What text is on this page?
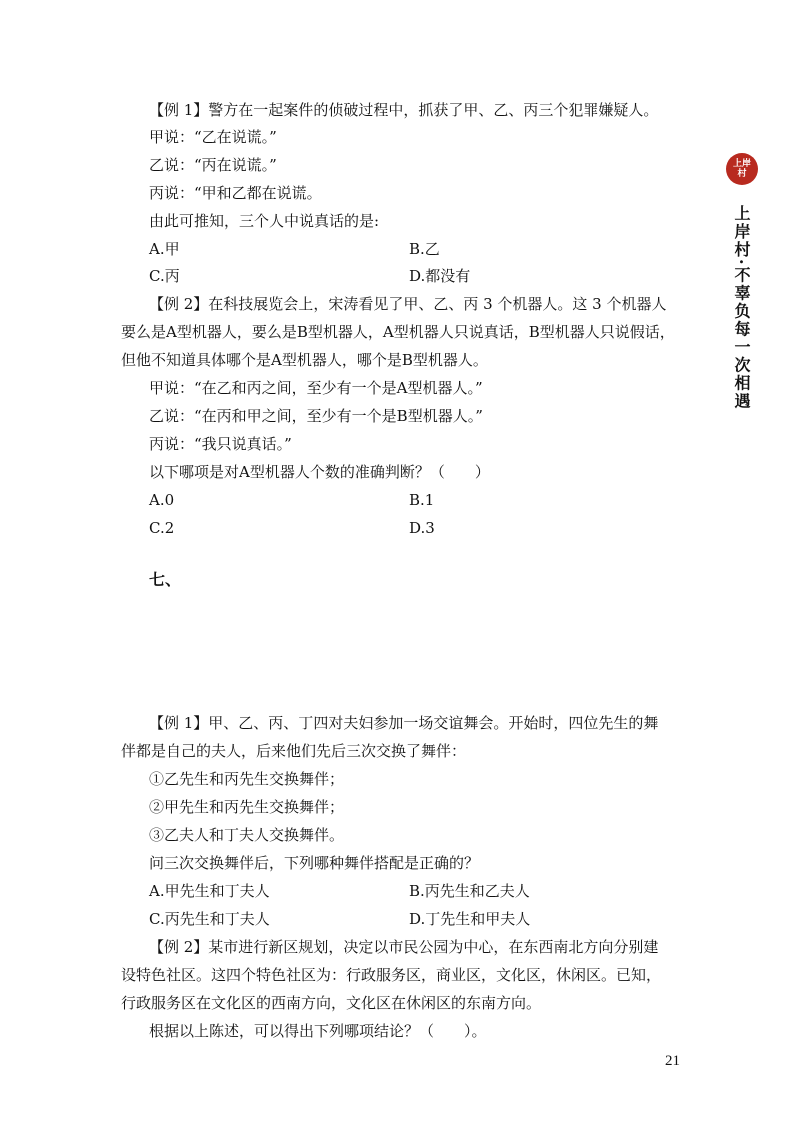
【例 1】警方在一起案件的侦破过程中，抓获了甲、乙、丙三个犯罪嫌疑人。
甲说：“乙在说谎。”
乙说：“丙在说谎。”
丙说：“甲和乙都在说谎。
由此可推知，三个人中说真话的是:
A.甲	B.乙
C.丙	D.都没有
【例 2】在科技展览会上，宋涛看见了甲、乙、丙 3 个机器人。这 3 个机器人
要么是A型机器人，要么是B型机器人，A型机器人只说真话，B型机器人只说假话，
但他不知道具体哪个是A型机器人，哪个是B型机器人。
甲说：“在乙和丙之间，至少有一个是A型机器人。”
乙说：“在丙和甲之间，至少有一个是B型机器人。”
丙说：“我只说真话。”
以下哪项是对A型机器人个数的准确判断？（　　）
A.0	B.1
C.2	D.3
七、
【例 1】甲、乙、丙、丁四对夫妇参加一场交谊舞会。开始时，四位先生的舞
伴都是自己的夫人，后来他们先后三次交换了舞伴：
①乙先生和丙先生交换舞伴；
②甲先生和丙先生交换舞伴；
③乙夫人和丁夫人交换舞伴。
问三次交换舞伴后，下列哪种舞伴搭配是正确的？
A.甲先生和丁夫人	B.丙先生和乙夫人
C.丙先生和丁夫人	D.丁先生和甲夫人
【例 2】某市进行新区规划，决定以市民公园为中心，在东西南北方向分别建
设特色社区。这四个特色社区为：行政服务区，商业区，文化区，休闲区。已知，
行政服务区在文化区的西南方向，文化区在休闲区的东南方向。
根据以上陈述，可以得出下列哪项结论？（　　）。
21
上岸村
上岸村·不辜负每一次相遇
